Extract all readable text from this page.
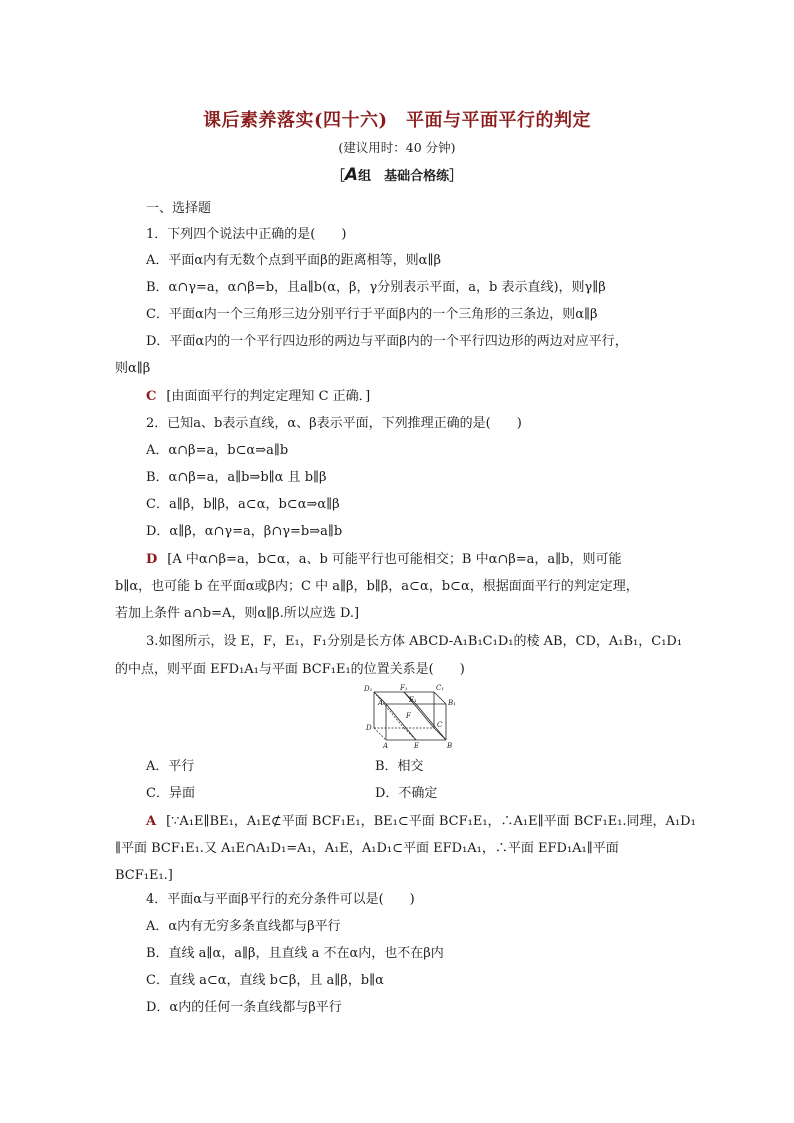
课后素养落实(四十六)　平面与平面平行的判定
(建议用时：40 分钟)
［A组　基础合格练］
一、选择题
1．下列四个说法中正确的是(　　)
A．平面α内有无数个点到平面β的距离相等，则α∥β
B．α∩γ=a，α∩β=b，且a∥b(α，β，γ分别表示平面，a，b 表示直线)，则γ∥β
C．平面α内一个三角形三边分别平行于平面β内的一个三角形的三条边，则α∥β
D．平面α内的一个平行四边形的两边与平面β内的一个平行四边形的两边对应平行，
则α∥β
C [由面面平行的判定定理知 C 正确．]
2．已知a、b表示直线，α、β表示平面，下列推理正确的是(　　)
A．α∩β=a，b⊂α⇒a∥b
B．α∩β=a，a∥b⇒b∥α 且 b∥β
C．a∥β，b∥β，a⊂α，b⊂α⇒α∥β
D．α∥β，α∩γ=a，β∩γ=b⇒a∥b
D [A 中α∩β=a，b⊂α，a、b 可能平行也可能相交；B 中α∩β=a，a∥b，则可能
b∥α，也可能 b 在平面α或β内；C 中 a∥β，b∥β，a⊂α，b⊂α，根据面面平行的判定定理，
若加上条件 a∩b=A，则α∥β.所以应选 D.]
3.如图所示，设 E，F，E₁，F₁分别是长方体 ABCD-A₁B₁C₁D₁的棱 AB，CD，A₁B₁，C₁D₁
的中点，则平面 EFD₁A₁与平面 BCF₁E₁的位置关系是(　　)
D₁	F₁	C₁
A₁	E₁	B₁
F
D	C
A	E	B
A．平行	B．相交
C．异面	D．不确定
A [∵A₁E∥BE₁，A₁E⊄平面 BCF₁E₁，BE₁⊂平面 BCF₁E₁，∴A₁E∥平面 BCF₁E₁.同理，A₁D₁
∥平面 BCF₁E₁.又 A₁E∩A₁D₁=A₁，A₁E，A₁D₁⊂平面 EFD₁A₁，∴平面 EFD₁A₁∥平面
BCF₁E₁.]
4．平面α与平面β平行的充分条件可以是(　　)
A．α内有无穷多条直线都与β平行
B．直线 a∥α，a∥β，且直线 a 不在α内，也不在β内
C．直线 a⊂α，直线 b⊂β，且 a∥β，b∥α
D．α内的任何一条直线都与β平行
